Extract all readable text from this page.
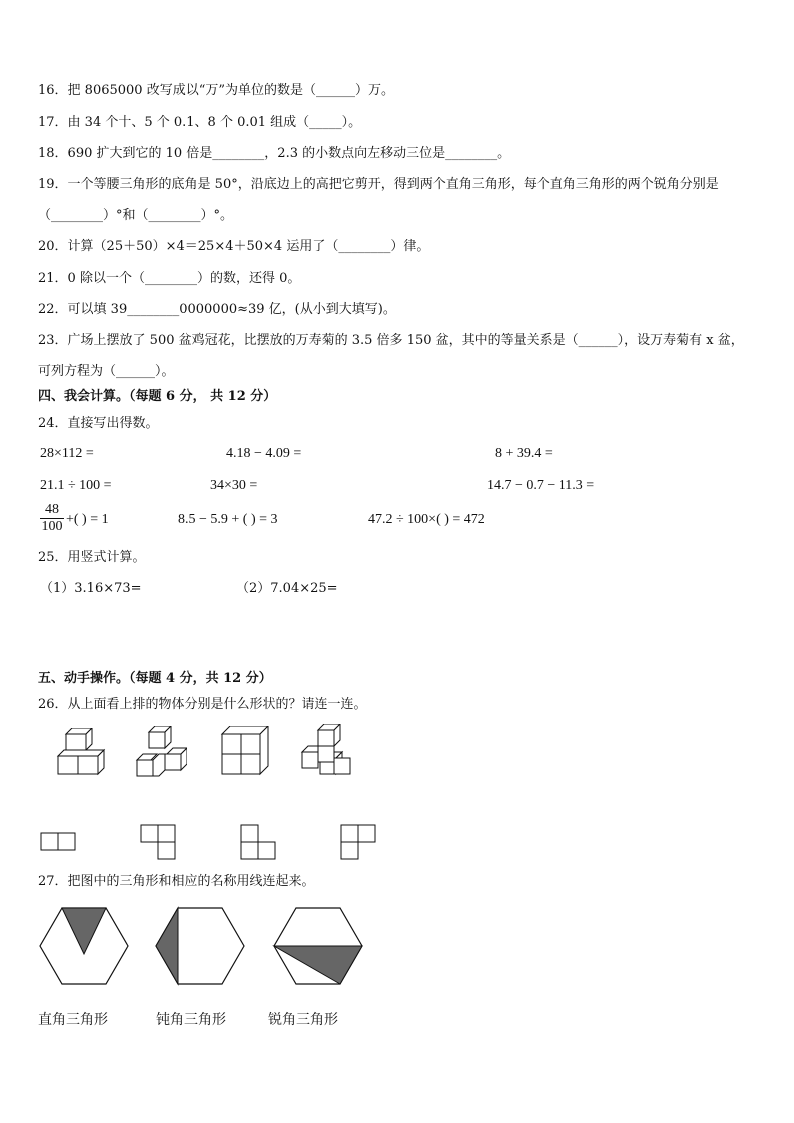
16．把 8065000 改写成以“万”为单位的数是（______）万。
17．由 34 个十、5 个 0.1、8 个 0.01 组成（_____）。
18．690 扩大到它的 10 倍是________，2.3 的小数点向左移动三位是________。
19．一个等腰三角形的底角是 50°，沿底边上的高把它剪开，得到两个直角三角形，每个直角三角形的两个锐角分别是
（________）°和（________）°。
20．计算（25＋50）×4＝25×4＋50×4 运用了（________）律。
21．0 除以一个（________）的数，还得 0。
22．可以填 39________0000000≈39 亿，(从小到大填写)。
23．广场上摆放了 500 盆鸡冠花，比摆放的万寿菊的 3.5 倍多 150 盆，其中的等量关系是（______），设万寿菊有 x 盆，
可列方程为（______）。
四、我会计算。（每题 6 分， 共 12 分）
24．直接写出得数。
28×112 =	4.18 − 4.09 =	8 + 39.4 =
21.1 ÷ 100 =	34×30 =	14.7 − 0.7 − 11.3 =
$\frac{48}{100}$ +( ) = 1	8.5 − 5.9 + ( ) = 3	47.2 ÷ 100×( ) = 472
25．用竖式计算。
（1）3.16×73=	（2）7.04×25=
五、动手操作。（每题 4 分，共 12 分）
26．从上面看上排的物体分别是什么形状的？请连一连。
27．把图中的三角形和相应的名称用线连起来。
直角三角形	钝角三角形	锐角三角形
